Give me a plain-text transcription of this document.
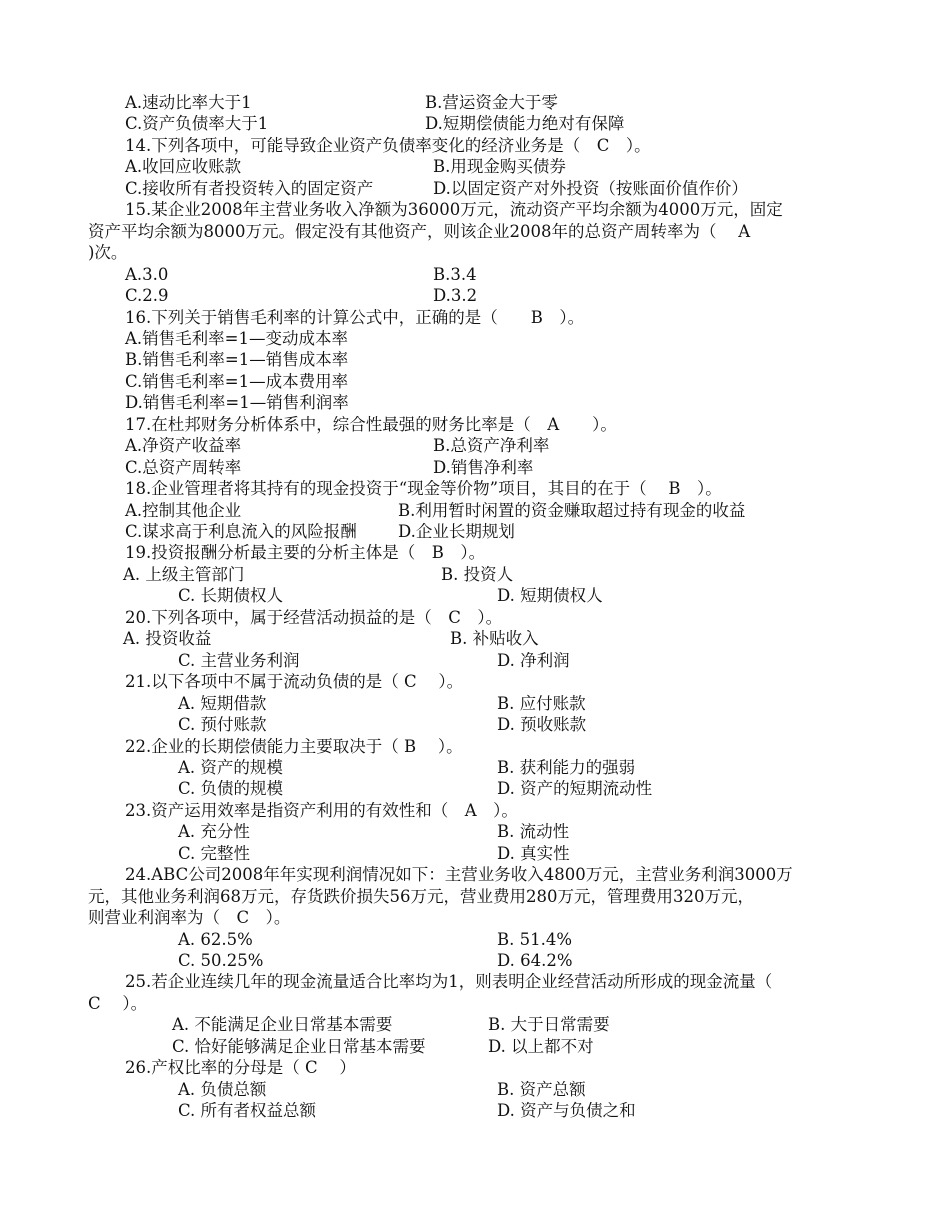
A.速动比率大于1	B.营运资金大于零
C.资产负债率大于1	D.短期偿债能力绝对有保障
14.下列各项中，可能导致企业资产负债率变化的经济业务是（　C　）。
A.收回应收账款	B.用现金购买债券
C.接收所有者投资转入的固定资产	D.以固定资产对外投资（按账面价值作价）
15.某企业2008年主营业务收入净额为36000万元，流动资产平均余额为4000万元，固定
资产平均余额为8000万元。假定没有其他资产，则该企业2008年的总资产周转率为（　 A
)次。
A.3.0	B.3.4
C.2.9	D.3.2
16.下列关于销售毛利率的计算公式中，正确的是（　　B　）。
A.销售毛利率=1—变动成本率
B.销售毛利率=1—销售成本率
C.销售毛利率=1—成本费用率
D.销售毛利率=1—销售利润率
17.在杜邦财务分析体系中，综合性最强的财务比率是（　A　　）。
A.净资产收益率	B.总资产净利率
C.总资产周转率	D.销售净利率
18.企业管理者将其持有的现金投资于“现金等价物”项目，其目的在于（　 B　）。
A.控制其他企业	B.利用暂时闲置的资金赚取超过持有现金的收益
C.谋求高于利息流入的风险报酬 D.企业长期规划
19.投资报酬分析最主要的分析主体是（　B　）。
A. 上级主管部门	B. 投资人
C. 长期债权人	D. 短期债权人
20.下列各项中，属于经营活动损益的是（　C　）。
A. 投资收益	B. 补贴收入
C. 主营业务利润	D. 净利润
21.以下各项中不属于流动负债的是（ C　 ）。
A. 短期借款	B. 应付账款
C. 预付账款	D. 预收账款
22.企业的长期偿债能力主要取决于（ B　 ）。
A. 资产的规模	B. 获利能力的强弱
C. 负债的规模	D. 资产的短期流动性
23.资产运用效率是指资产利用的有效性和（　A　）。
A. 充分性	B. 流动性
C. 完整性	D. 真实性
24.ABC公司2008年年实现利润情况如下：主营业务收入4800万元，主营业务利润3000万
元，其他业务利润68万元，存货跌价损失56万元，营业费用280万元，管理费用320万元，
则营业利润率为（　C　）。
A. 62.5%	B. 51.4%
C. 50.25%	D. 64.2%
25.若企业连续几年的现金流量适合比率均为1，则表明企业经营活动所形成的现金流量（
C　 ）。
A. 不能满足企业日常基本需要	B. 大于日常需要
C. 恰好能够满足企业日常基本需要	D. 以上都不对
26.产权比率的分母是（ C　 ）
A. 负债总额	B. 资产总额
C. 所有者权益总额	D. 资产与负债之和
